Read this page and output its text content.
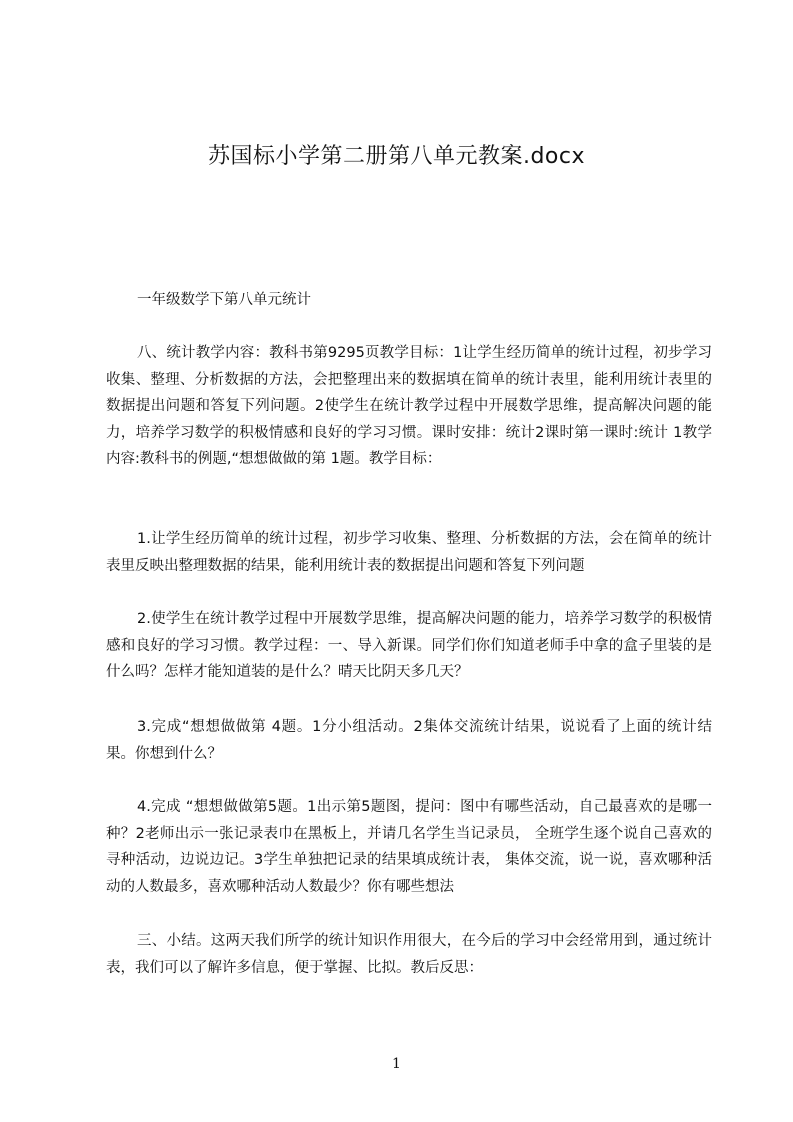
苏国标小学第二册第八单元教案.docx
一年级数学下第八单元统计

八、统计教学内容：教科书第9295页教学目标：1让学生经历简单的统计过程，初步学习收集、整理、分析数据的方法，会把整理出来的数据填在简单的统计表里，能利用统计表里的数据提出问题和答复下列问题。2使学生在统计教学过程中开展数学思维，提高解决问题的能力，培养学习数学的积极情感和良好的学习习惯。课时安排：统计2课时第一课时:统计 1教学内容:教科书的例题,“想想做做的第 1题。教学目标：

1.让学生经历简单的统计过程，初步学习收集、整理、分析数据的方法，会在简单的统计表里反映出整理数据的结果，能利用统计表的数据提出问题和答复下列问题

2.使学生在统计教学过程中开展数学思维，提高解决问题的能力，培养学习数学的积极情感和良好的学习习惯。教学过程：一、导入新课。同学们你们知道老师手中拿的盒子里装的是什么吗？怎样才能知道装的是什么？晴天比阴天多几天？

3.完成“想想做做第 4题。1分小组活动。2集体交流统计结果，说说看了上面的统计结果。你想到什么？

4.完成 “想想做做第5题。1出示第5题图，提问：图中有哪些活动，自己最喜欢的是哪一种？2老师出示一张记录表巾在黑板上，并请几名学生当记录员， 全班学生逐个说自己喜欢的寻种活动，边说边记。3学生单独把记录的结果填成统计表， 集体交流，说一说，喜欢哪种活动的人数最多，喜欢哪种活动人数最少？你有哪些想法

三、小结。这两天我们所学的统计知识作用很大，在今后的学习中会经常用到，通过统计表，我们可以了解许多信息，便于掌握、比拟。教后反思：

1
